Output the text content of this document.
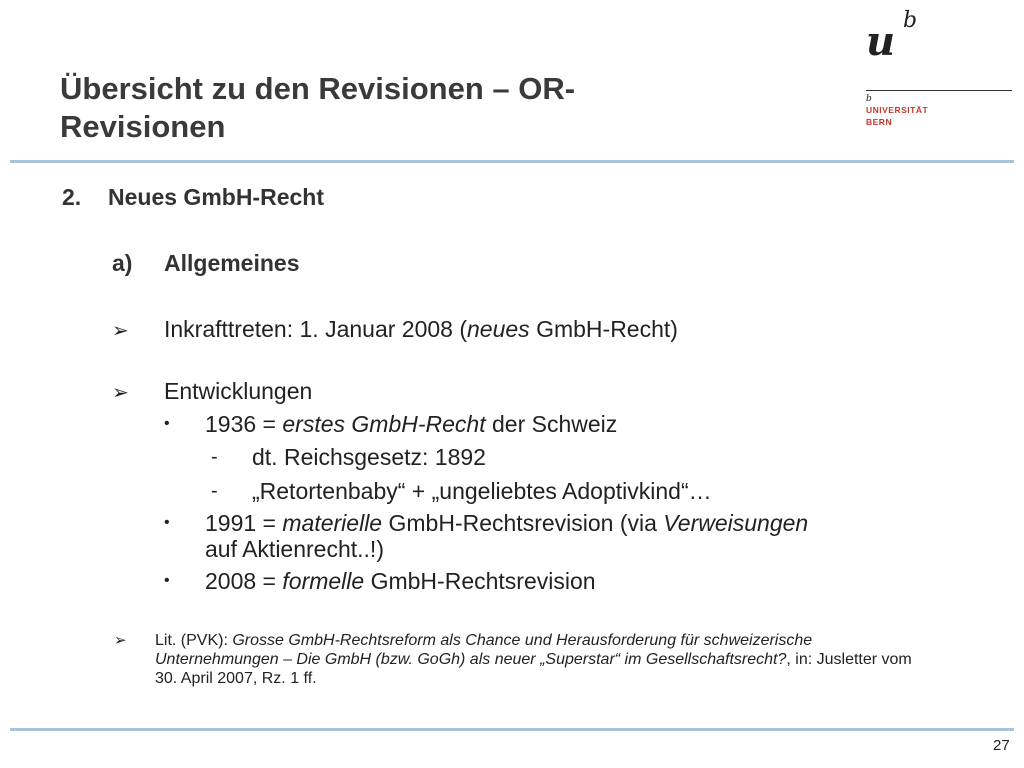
u b
b
UNIVERSITÄT
BERN
Übersicht zu den Revisionen – OR-
Revisionen
2. Neues GmbH-Recht
a) Allgemeines
➢ Inkrafttreten: 1. Januar 2008 (neues GmbH-Recht)
➢ Entwicklungen
• 1936 = erstes GmbH-Recht der Schweiz
- dt. Reichsgesetz: 1892
- „Retortenbaby“ + „ungeliebtes Adoptivkind“…
• 1991 = materielle GmbH-Rechtsrevision (via Verweisungen
auf Aktienrecht..!)
• 2008 = formelle GmbH-Rechtsrevision
➢ Lit. (PVK): Grosse GmbH-Rechtsreform als Chance und Herausforderung für schweizerische Unternehmungen – Die GmbH (bzw. GoGh) als neuer „Superstar“ im Gesellschaftsrecht?, in: Jusletter vom 30. April 2007, Rz. 1 ff.
27
